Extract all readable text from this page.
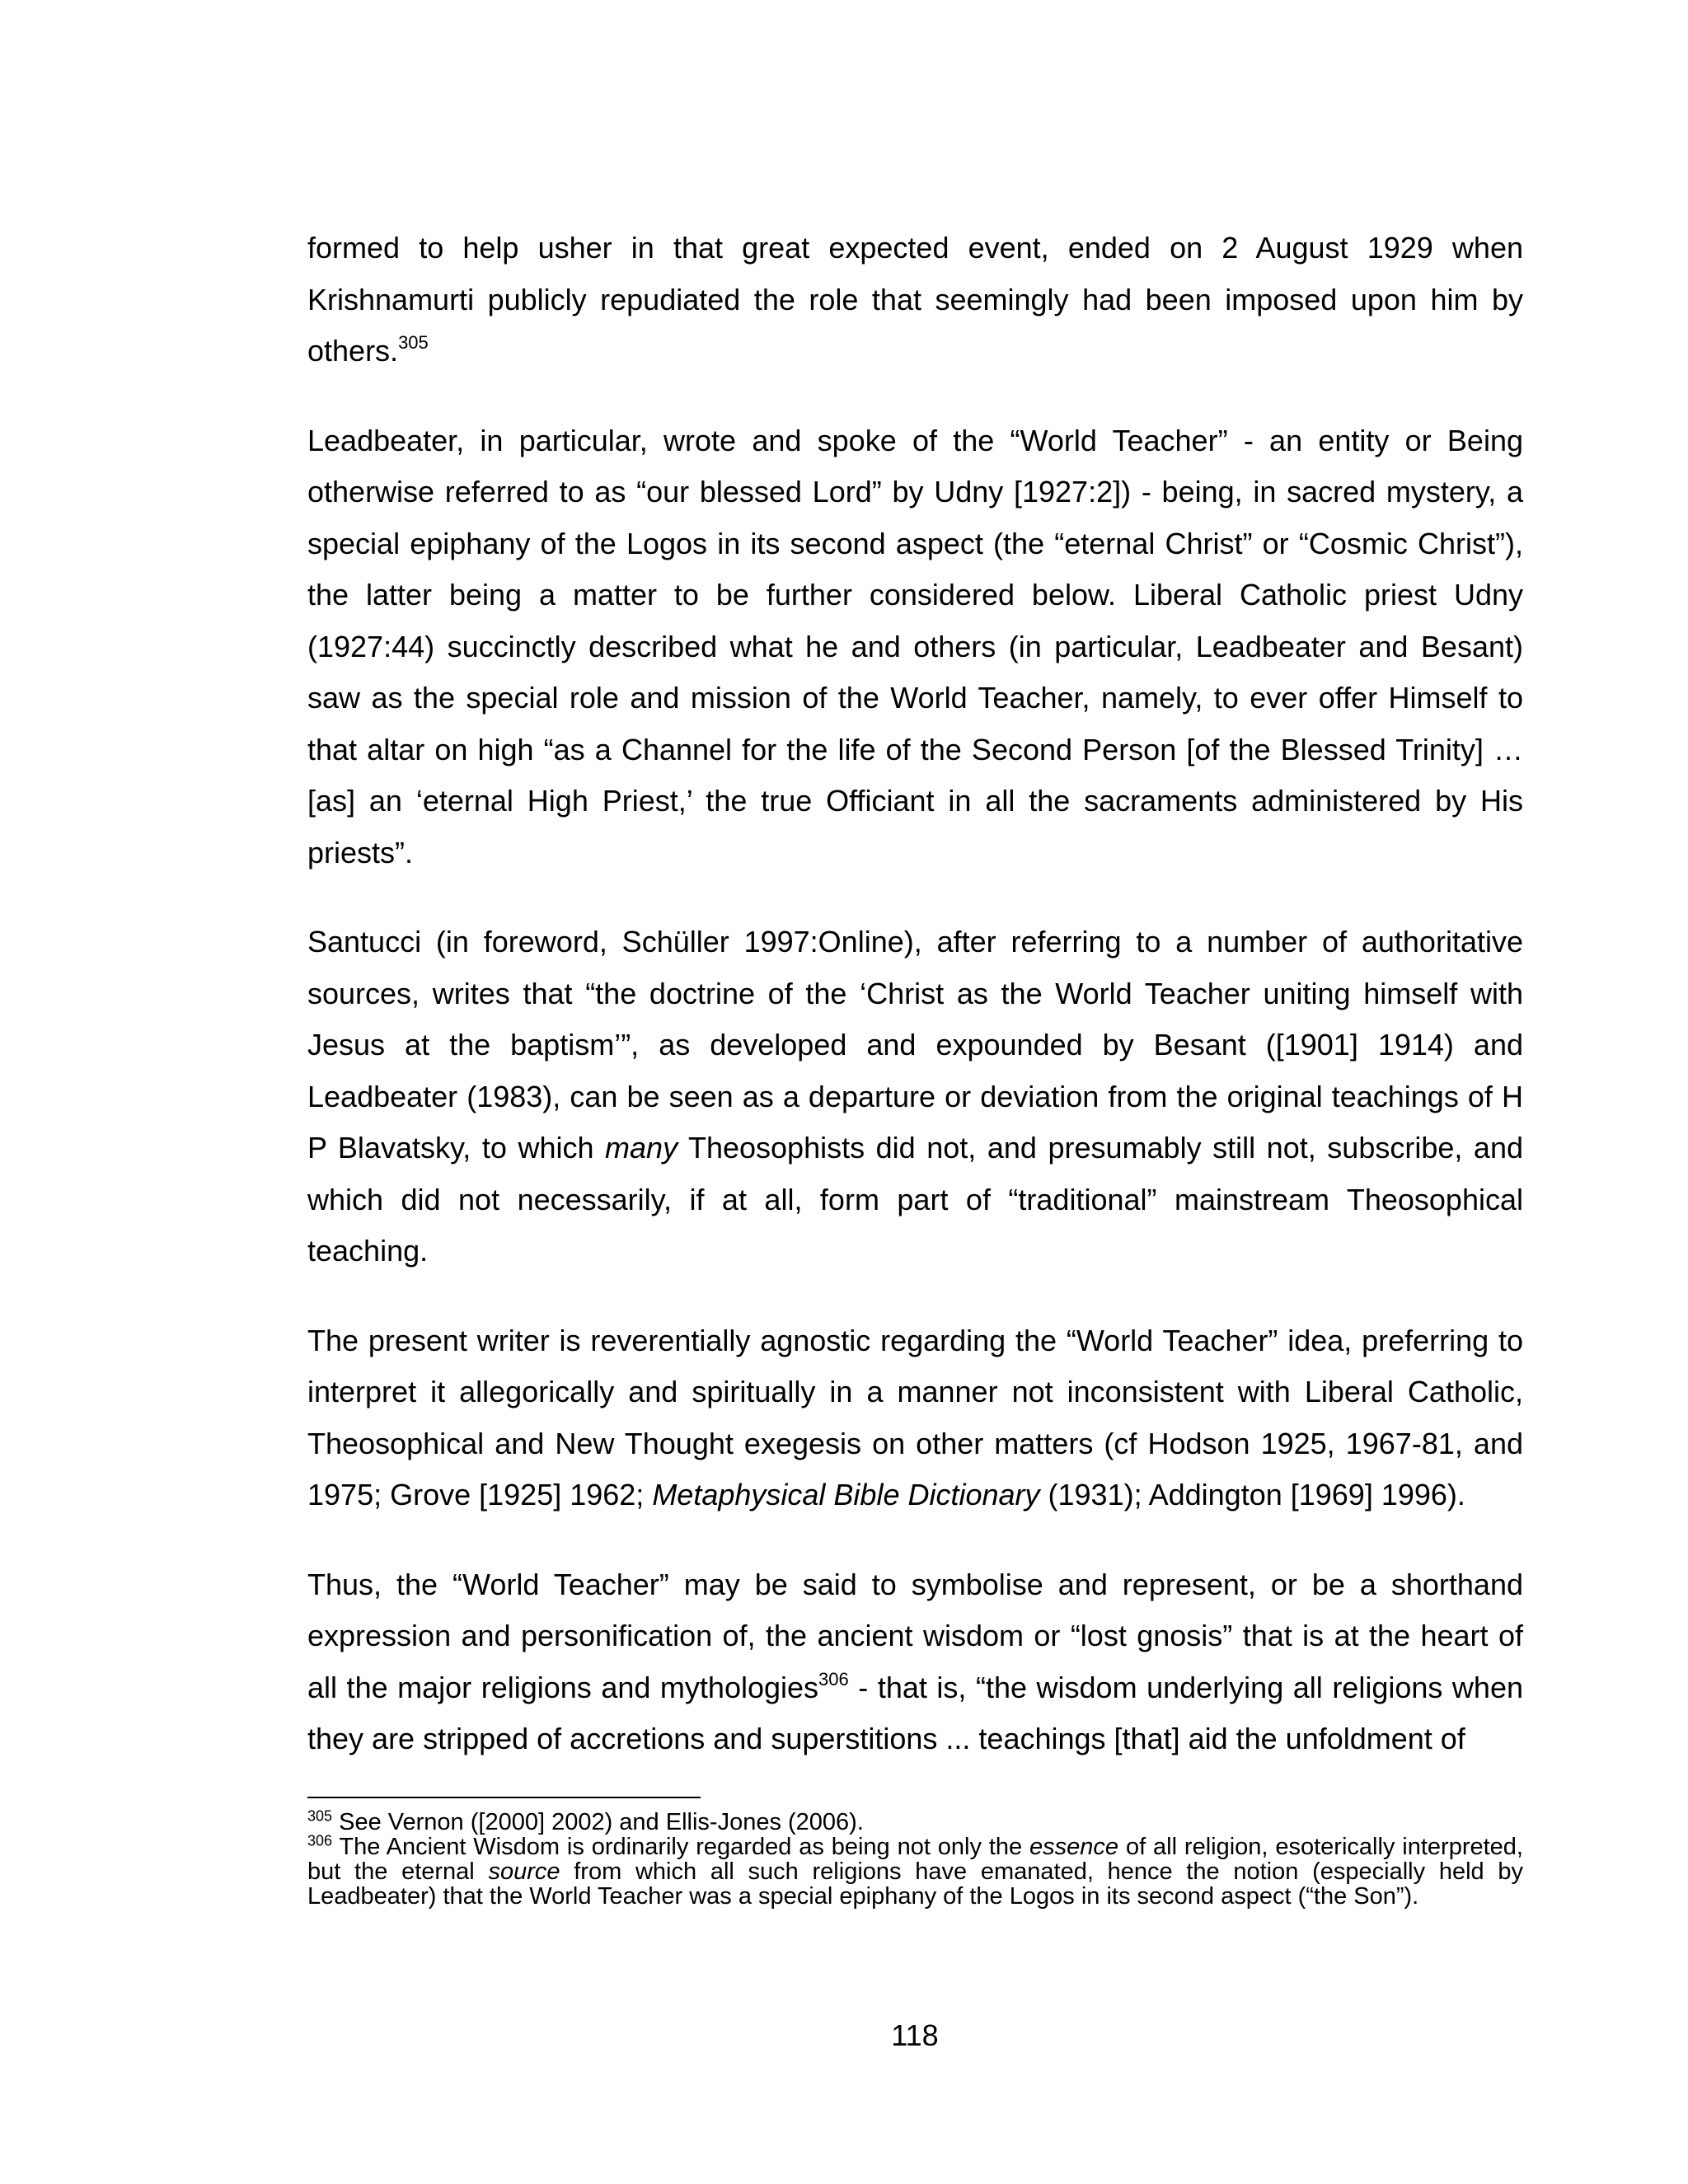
formed to help usher in that great expected event, ended on 2 August 1929 when Krishnamurti publicly repudiated the role that seemingly had been imposed upon him by others.$^{305}$

Leadbeater, in particular, wrote and spoke of the “World Teacher” - an entity or Being otherwise referred to as “our blessed Lord” by Udny [1927:2]) - being, in sacred mystery, a special epiphany of the Logos in its second aspect (the “eternal Christ” or “Cosmic Christ”), the latter being a matter to be further considered below. Liberal Catholic priest Udny (1927:44) succinctly described what he and others (in particular, Leadbeater and Besant) saw as the special role and mission of the World Teacher, namely, to ever offer Himself to that altar on high “as a Channel for the life of the Second Person [of the Blessed Trinity] …[as] an ‘eternal High Priest,’ the true Officiant in all the sacraments administered by His priests”.

Santucci (in foreword, Schüller 1997:Online), after referring to a number of authoritative sources, writes that “the doctrine of the ‘Christ as the World Teacher uniting himself with Jesus at the baptism’”, as developed and expounded by Besant ([1901] 1914) and Leadbeater (1983), can be seen as a departure or deviation from the original teachings of H P Blavatsky, to which many Theosophists did not, and presumably still not, subscribe, and which did not necessarily, if at all, form part of “traditional” mainstream Theosophical teaching.

The present writer is reverentially agnostic regarding the “World Teacher” idea, preferring to interpret it allegorically and spiritually in a manner not inconsistent with Liberal Catholic, Theosophical and New Thought exegesis on other matters (cf Hodson 1925, 1967-81, and 1975; Grove [1925] 1962; Metaphysical Bible Dictionary (1931); Addington [1969] 1996).

Thus, the “World Teacher” may be said to symbolise and represent, or be a shorthand expression and personification of, the ancient wisdom or “lost gnosis” that is at the heart of all the major religions and mythologies$^{306}$ - that is, “the wisdom underlying all religions when they are stripped of accretions and superstitions ... teachings [that] aid the unfoldment of

$^{305}$ See Vernon ([2000] 2002) and Ellis-Jones (2006).

$^{306}$ The Ancient Wisdom is ordinarily regarded as being not only the essence of all religion, esoterically interpreted, but the eternal source from which all such religions have emanated, hence the notion (especially held by Leadbeater) that the World Teacher was a special epiphany of the Logos in its second aspect (“the Son”).

118
